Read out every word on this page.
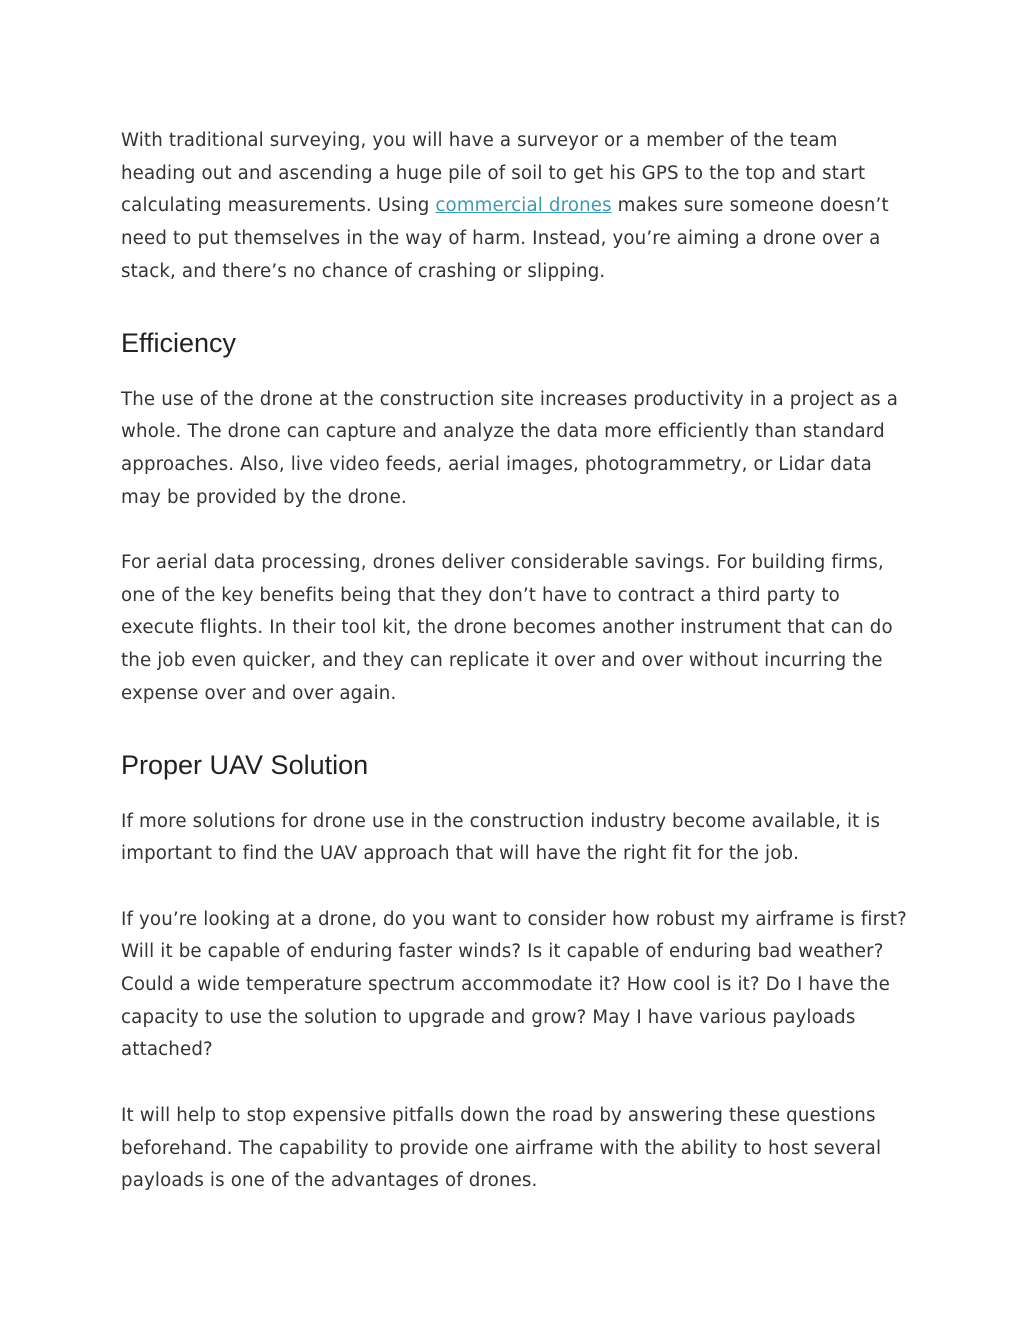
With traditional surveying, you will have a surveyor or a member of the team heading out and ascending a huge pile of soil to get his GPS to the top and start calculating measurements. Using commercial drones makes sure someone doesn’t need to put themselves in the way of harm. Instead, you’re aiming a drone over a stack, and there’s no chance of crashing or slipping.

Efficiency

The use of the drone at the construction site increases productivity in a project as a whole. The drone can capture and analyze the data more efficiently than standard approaches. Also, live video feeds, aerial images, photogrammetry, or Lidar data may be provided by the drone.

For aerial data processing, drones deliver considerable savings. For building firms, one of the key benefits being that they don’t have to contract a third party to execute flights. In their tool kit, the drone becomes another instrument that can do the job even quicker, and they can replicate it over and over without incurring the expense over and over again.

Proper UAV Solution

If more solutions for drone use in the construction industry become available, it is important to find the UAV approach that will have the right fit for the job.

If you’re looking at a drone, do you want to consider how robust my airframe is first? Will it be capable of enduring faster winds? Is it capable of enduring bad weather? Could a wide temperature spectrum accommodate it? How cool is it? Do I have the capacity to use the solution to upgrade and grow? May I have various payloads attached?

It will help to stop expensive pitfalls down the road by answering these questions beforehand. The capability to provide one airframe with the ability to host several payloads is one of the advantages of drones.
